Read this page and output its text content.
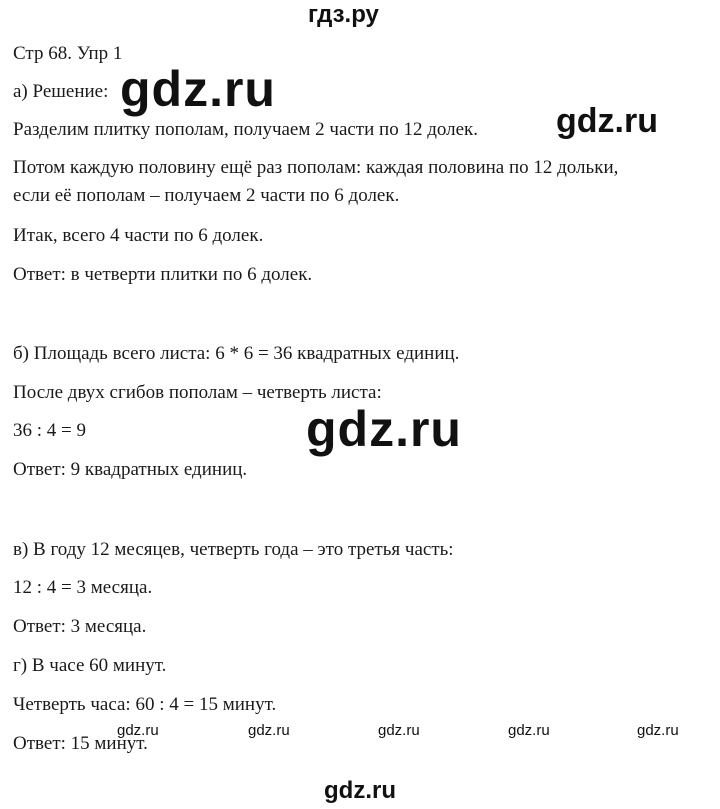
гдз.ру
Стр 68. Упр 1
а) Решение:
Разделим плитку пополам, получаем 2 части по 12 долек.
Потом каждую половину ещё раз пополам: каждая половина по 12 дольки,
если её пополам – получаем 2 части по 6 долек.
Итак, всего 4 части по 6 долек.
Ответ: в четверти плитки по 6 долек.
б) Площадь всего листа: 6 * 6 = 36 квадратных единиц.
После двух сгибов пополам – четверть листа:
36 : 4 = 9
Ответ: 9 квадратных единиц.
в) В году 12 месяцев, четверть года – это третья часть:
12 : 4 = 3 месяца.
Ответ: 3 месяца.
г) В часе 60 минут.
Четверть часа: 60 : 4 = 15 минут.
Ответ: 15 минут.
gdz.ru
gdz.ru
gdz.ru
gdz.ru	gdz.ru	gdz.ru	gdz.ru	gdz.ru
gdz.ru
